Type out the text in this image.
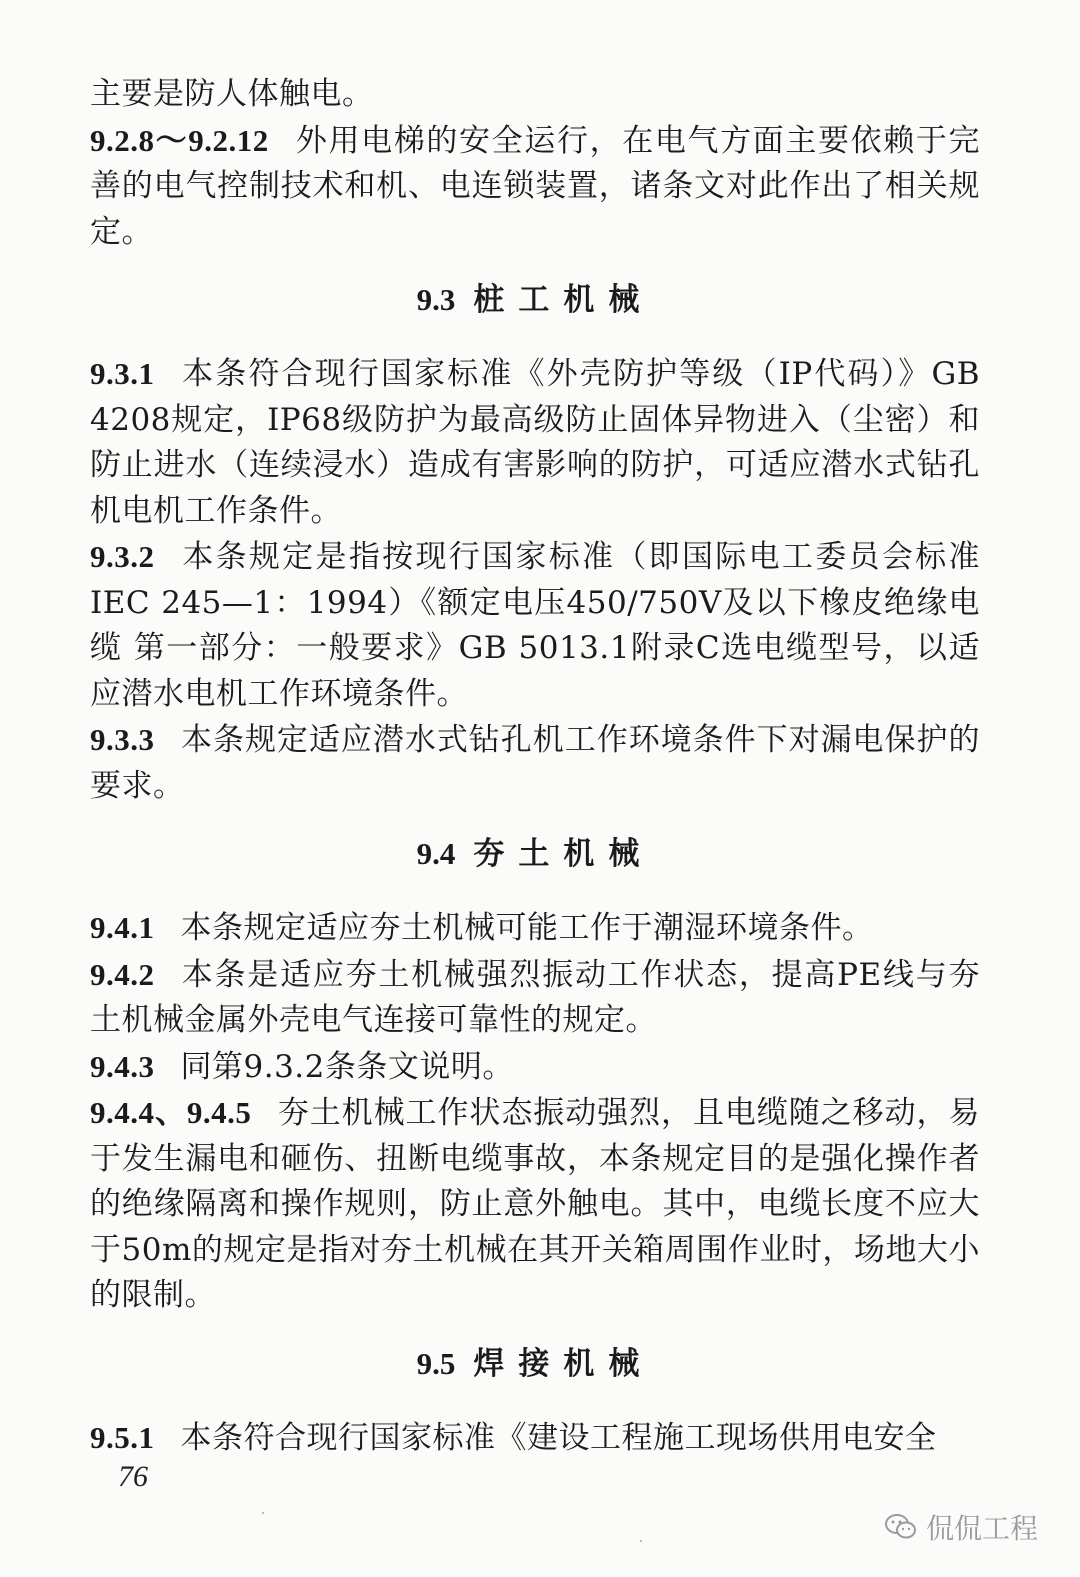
主要是防人体触电。

9.2.8～9.2.12 外用电梯的安全运行，在电气方面主要依赖于完善的电气控制技术和机、电连锁装置，诸条文对此作出了相关规定。

9.3 桩工机械

9.3.1 本条符合现行国家标准《外壳防护等级（IP代码）》GB 4208规定，IP68级防护为最高级防止固体异物进入（尘密）和防止进水（连续浸水）造成有害影响的防护，可适应潜水式钻孔机电机工作条件。

9.3.2 本条规定是指按现行国家标准（即国际电工委员会标准IEC 245—1：1994）《额定电压450/750V及以下橡皮绝缘电缆 第一部分：一般要求》GB 5013.1附录C选电缆型号，以适应潜水电机工作环境条件。

9.3.3 本条规定适应潜水式钻孔机工作环境条件下对漏电保护的要求。

9.4 夯土机械

9.4.1 本条规定适应夯土机械可能工作于潮湿环境条件。

9.4.2 本条是适应夯土机械强烈振动工作状态，提高PE线与夯土机械金属外壳电气连接可靠性的规定。

9.4.3 同第9.3.2条条文说明。

9.4.4、9.4.5 夯土机械工作状态振动强烈，且电缆随之移动，易于发生漏电和砸伤、扭断电缆事故，本条规定目的是强化操作者的绝缘隔离和操作规则，防止意外触电。其中，电缆长度不应大于50m的规定是指对夯土机械在其开关箱周围作业时，场地大小的限制。

9.5 焊接机械

9.5.1 本条符合现行国家标准《建设工程施工现场供用电安全

76
侃侃工程
